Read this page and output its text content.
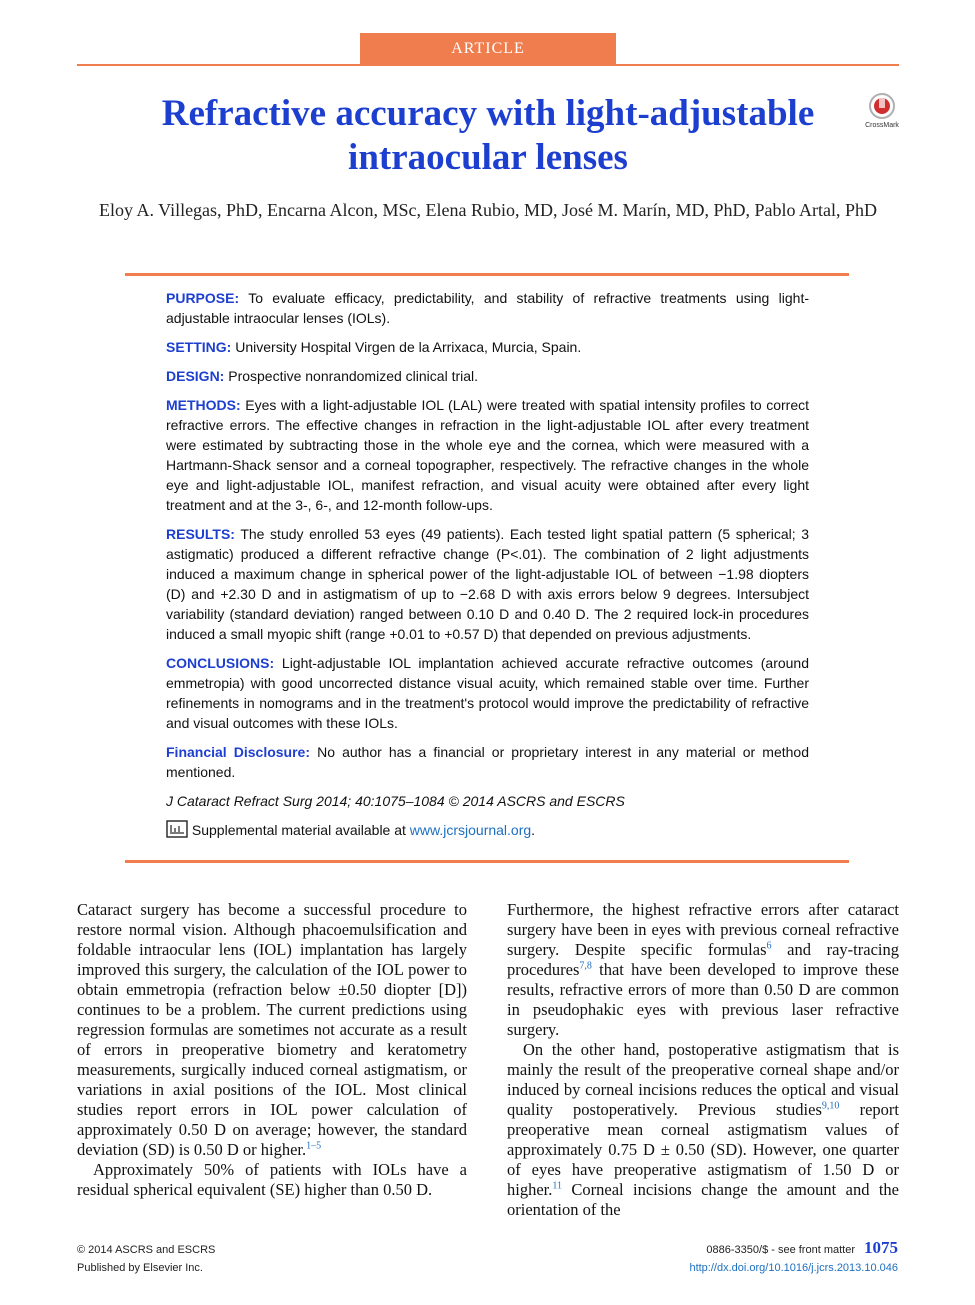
ARTICLE
Refractive accuracy with light-adjustable intraocular lenses
CrossMark
Eloy A. Villegas, PhD, Encarna Alcon, MSc, Elena Rubio, MD, José M. Marín, MD, PhD, Pablo Artal, PhD

PURPOSE: To evaluate efficacy, predictability, and stability of refractive treatments using light-adjustable intraocular lenses (IOLs).

SETTING: University Hospital Virgen de la Arrixaca, Murcia, Spain.

DESIGN: Prospective nonrandomized clinical trial.

METHODS: Eyes with a light-adjustable IOL (LAL) were treated with spatial intensity profiles to correct refractive errors. The effective changes in refraction in the light-adjustable IOL after every treatment were estimated by subtracting those in the whole eye and the cornea, which were measured with a Hartmann-Shack sensor and a corneal topographer, respectively. The refractive changes in the whole eye and light-adjustable IOL, manifest refraction, and visual acuity were obtained after every light treatment and at the 3-, 6-, and 12-month follow-ups.

RESULTS: The study enrolled 53 eyes (49 patients). Each tested light spatial pattern (5 spherical; 3 astigmatic) produced a different refractive change (P<.01). The combination of 2 light adjustments induced a maximum change in spherical power of the light-adjustable IOL of between −1.98 diopters (D) and +2.30 D and in astigmatism of up to −2.68 D with axis errors below 9 degrees. Intersubject variability (standard deviation) ranged between 0.10 D and 0.40 D. The 2 required lock-in procedures induced a small myopic shift (range +0.01 to +0.57 D) that depended on previous adjustments.

CONCLUSIONS: Light-adjustable IOL implantation achieved accurate refractive outcomes (around emmetropia) with good uncorrected distance visual acuity, which remained stable over time. Further refinements in nomograms and in the treatment's protocol would improve the predictability of refractive and visual outcomes with these IOLs.

Financial Disclosure: No author has a financial or proprietary interest in any material or method mentioned.

J Cataract Refract Surg 2014; 40:1075–1084 © 2014 ASCRS and ESCRS

Supplemental material available at www.jcrsjournal.org.

Cataract surgery has become a successful procedure to restore normal vision. Although phacoemulsification and foldable intraocular lens (IOL) implantation has largely improved this surgery, the calculation of the IOL power to obtain emmetropia (refraction below ±0.50 diopter [D]) continues to be a problem. The current predictions using regression formulas are sometimes not accurate as a result of errors in preoperative biometry and keratometry measurements, surgically induced corneal astigmatism, or variations in axial positions of the IOL. Most clinical studies report errors in IOL power calculation of approximately 0.50 D on average; however, the standard deviation (SD) is 0.50 D or higher.$^{1-5}$

Approximately 50% of patients with IOLs have a residual spherical equivalent (SE) higher than 0.50 D.

Furthermore, the highest refractive errors after cataract surgery have been in eyes with previous corneal refractive surgery. Despite specific formulas$^6$ and ray-tracing procedures$^{7,8}$ that have been developed to improve these results, refractive errors of more than 0.50 D are common in pseudophakic eyes with previous laser refractive surgery.

On the other hand, postoperative astigmatism that is mainly the result of the preoperative corneal shape and/or induced by corneal incisions reduces the optical and visual quality postoperatively. Previous studies$^{9,10}$ report preoperative mean corneal astigmatism values of approximately 0.75 D ± 0.50 (SD). However, one quarter of eyes have preoperative astigmatism of 1.50 D or higher.$^{11}$ Corneal incisions change the amount and the orientation of the

© 2014 ASCRS and ESCRS
Published by Elsevier Inc.
0886-3350/$ - see front matter 1075
http://dx.doi.org/10.1016/j.jcrs.2013.10.046
